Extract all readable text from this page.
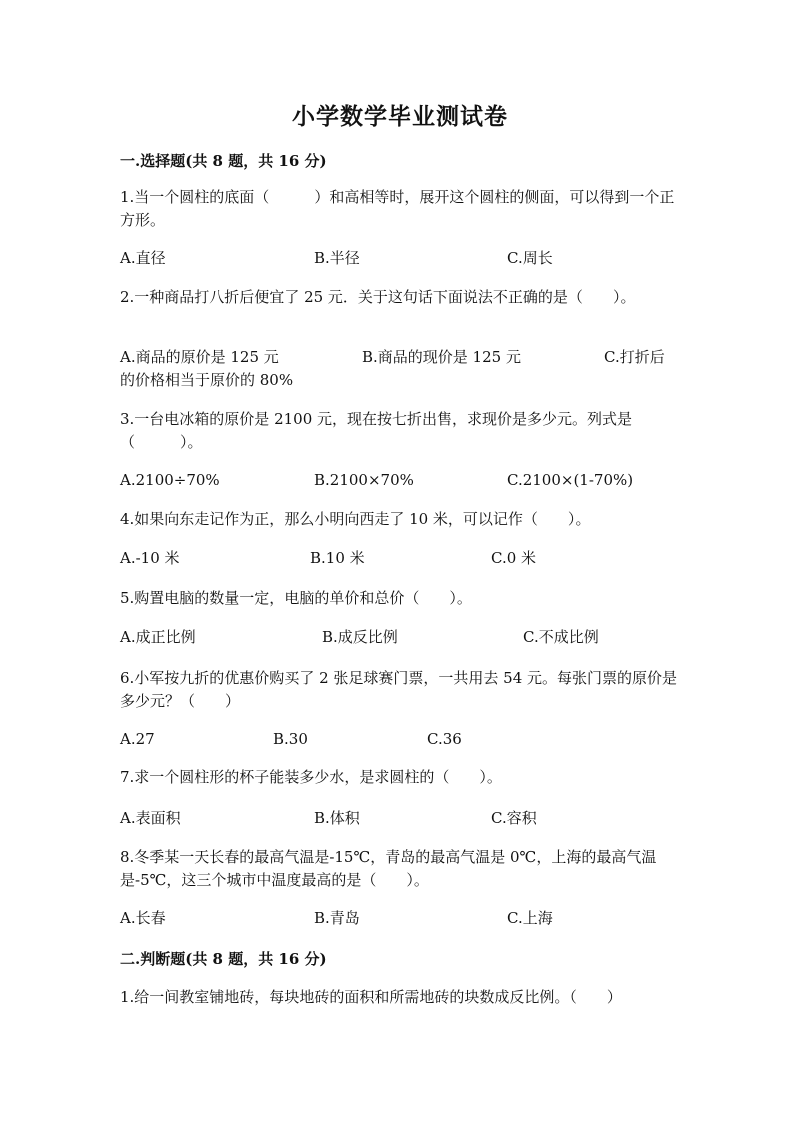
小学数学毕业测试卷
一.选择题(共 8 题，共 16 分)
1.当一个圆柱的底面（　　　）和高相等时，展开这个圆柱的侧面，可以得到一个正方形。
A.直径	B.半径	C.周长
2.一种商品打八折后便宜了 25 元．关于这句话下面说法不正确的是（　　）。
A.商品的原价是 125 元	B.商品的现价是 125 元	C.打折后
的价格相当于原价的 80%
3.一台电冰箱的原价是 2100 元，现在按七折出售，求现价是多少元。列式是（　　　）。
A.2100÷70%	B.2100×70%	C.2100×(1-70%)
4.如果向东走记作为正，那么小明向西走了 10 米，可以记作（　　）。
A.-10 米	B.10 米	C.0 米
5.购置电脑的数量一定，电脑的单价和总价（　　）。
A.成正比例	B.成反比例	C.不成比例
6.小军按九折的优惠价购买了 2 张足球赛门票，一共用去 54 元。每张门票的原价是多少元？（　　）
A.27	B.30	C.36
7.求一个圆柱形的杯子能装多少水，是求圆柱的（　　）。
A.表面积	B.体积	C.容积
8.冬季某一天长春的最高气温是-15℃，青岛的最高气温是 0℃，上海的最高气温是-5℃，这三个城市中温度最高的是（　　）。
A.长春	B.青岛	C.上海
二.判断题(共 8 题，共 16 分)
1.给一间教室铺地砖，每块地砖的面积和所需地砖的块数成反比例。（　　）
